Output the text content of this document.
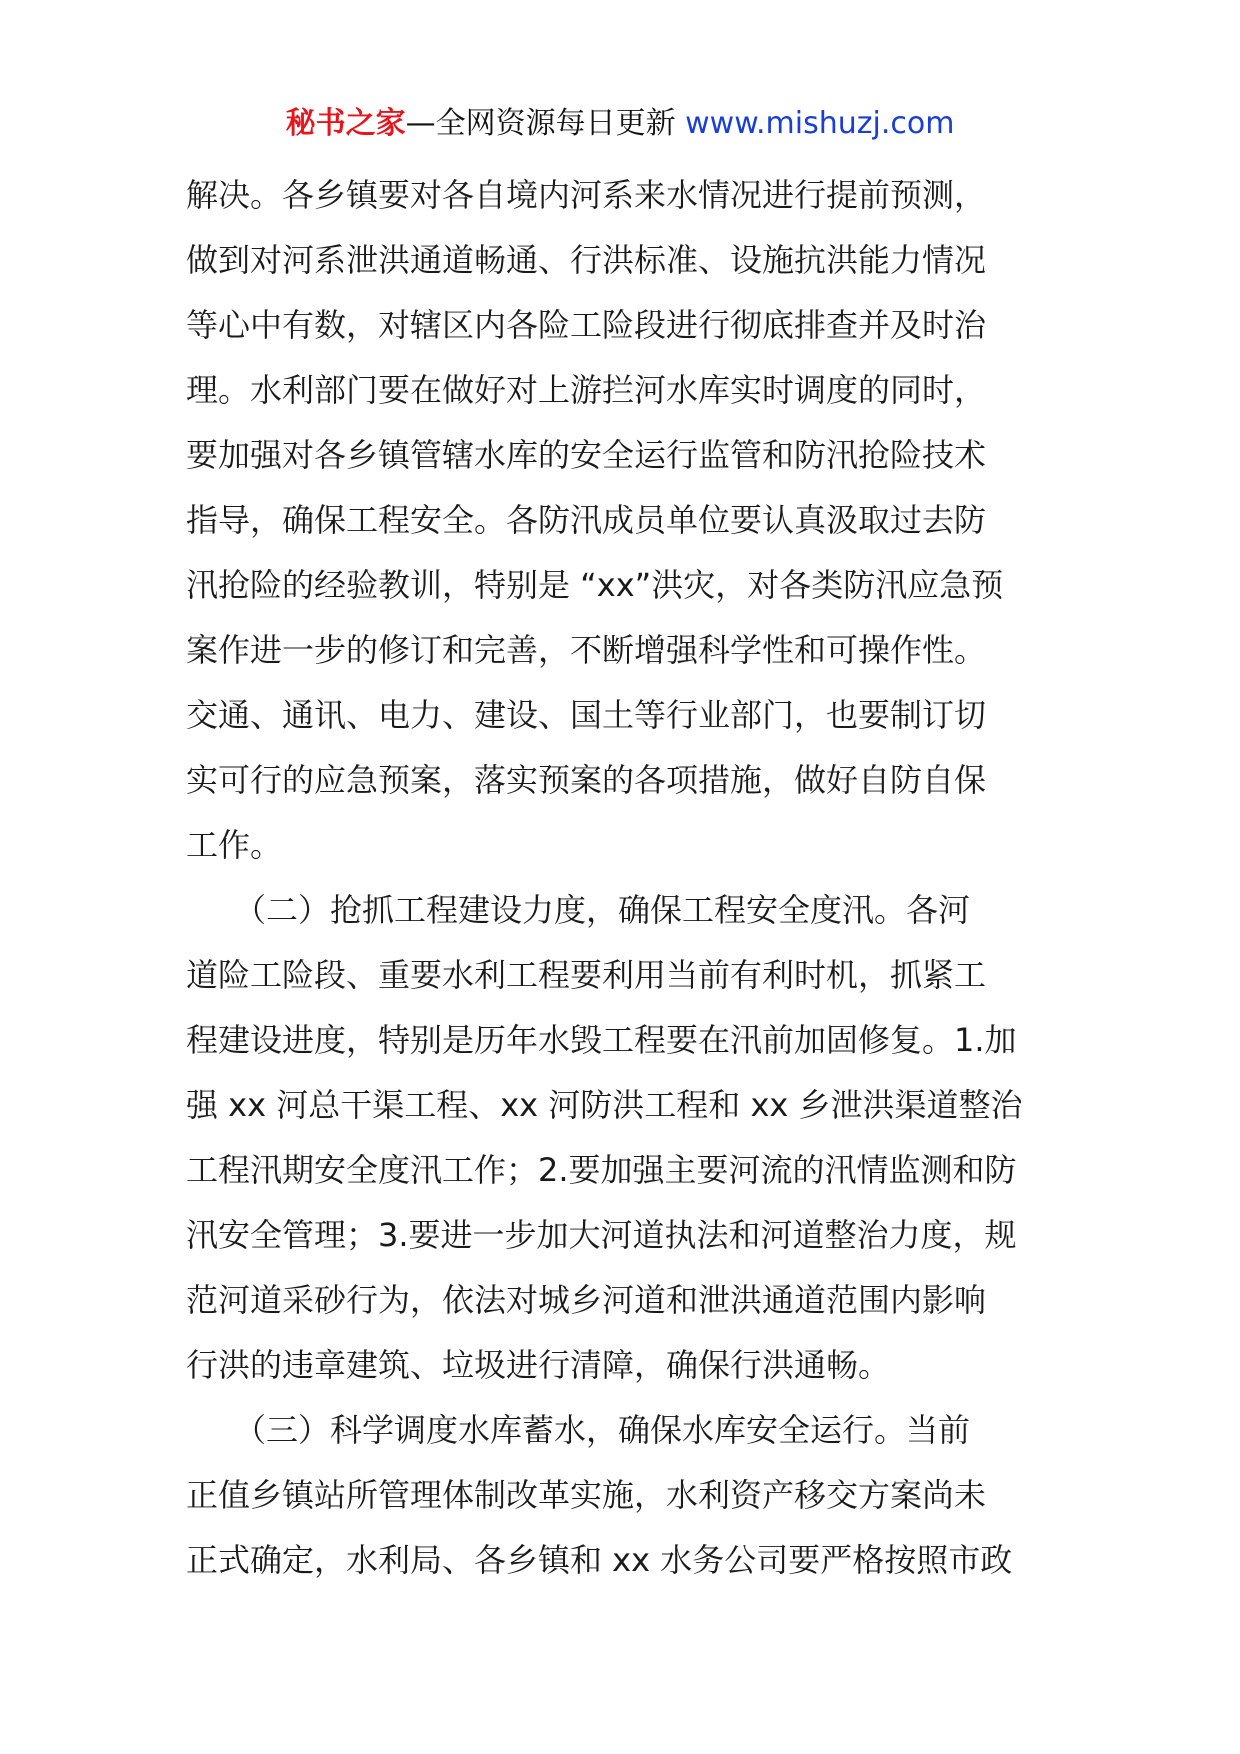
秘书之家—全网资源每日更新 www.mishuzj.com
解决。各乡镇要对各自境内河系来水情况进行提前预测，
做到对河系泄洪通道畅通、行洪标准、设施抗洪能力情况
等心中有数，对辖区内各险工险段进行彻底排查并及时治
理。水利部门要在做好对上游拦河水库实时调度的同时，
要加强对各乡镇管辖水库的安全运行监管和防汛抢险技术
指导，确保工程安全。各防汛成员单位要认真汲取过去防
汛抢险的经验教训，特别是 “xx”洪灾，对各类防汛应急预
案作进一步的修订和完善，不断增强科学性和可操作性。
交通、通讯、电力、建设、国土等行业部门，也要制订切
实可行的应急预案，落实预案的各项措施，做好自防自保
工作。
　　（二）抢抓工程建设力度，确保工程安全度汛。各河
道险工险段、重要水利工程要利用当前有利时机，抓紧工
程建设进度，特别是历年水毁工程要在汛前加固修复。1.加
强 xx 河总干渠工程、xx 河防洪工程和 xx 乡泄洪渠道整治
工程汛期安全度汛工作；2.要加强主要河流的汛情监测和防
汛安全管理；3.要进一步加大河道执法和河道整治力度，规
范河道采砂行为，依法对城乡河道和泄洪通道范围内影响
行洪的违章建筑、垃圾进行清障，确保行洪通畅。
　　（三）科学调度水库蓄水，确保水库安全运行。当前
正值乡镇站所管理体制改革实施，水利资产移交方案尚未
正式确定，水利局、各乡镇和 xx 水务公司要严格按照市政
